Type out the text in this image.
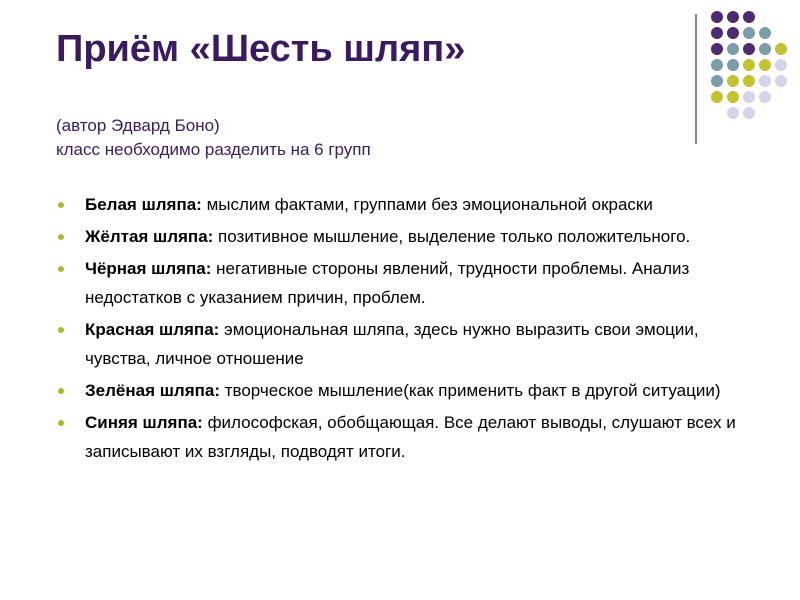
Приём «Шесть шляп»
(автор Эдвард Боно)
класс необходимо разделить на 6 групп
Белая шляпа: мыслим фактами, группами без эмоциональной окраски
Жёлтая шляпа: позитивное мышление, выделение только положительного.
Чёрная шляпа: негативные стороны явлений, трудности проблемы. Анализ недостатков с указанием причин, проблем.
Красная шляпа: эмоциональная шляпа, здесь нужно выразить свои эмоции, чувства, личное отношение
Зелёная шляпа: творческое мышление(как применить факт в другой ситуации)
Синяя шляпа: философская, обобщающая. Все делают выводы, слушают всех и записывают их взгляды, подводят итоги.
